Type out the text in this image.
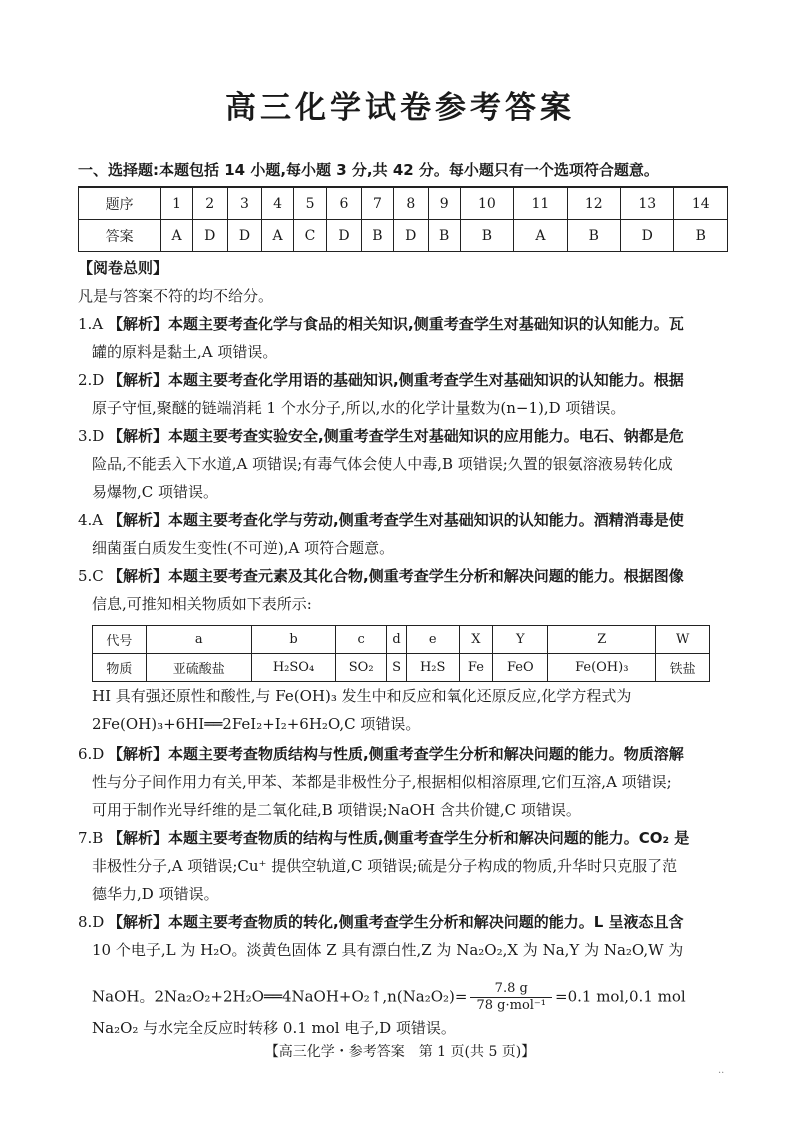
高三化学试卷参考答案
一、选择题:本题包括 14 小题,每小题 3 分,共 42 分。每小题只有一个选项符合题意。
题序	1	2	3	4	5	6	7	8	9	10	11	12	13	14
答案	A	D	D	A	C	D	B	D	B	B	A	B	D	B
【阅卷总则】
凡是与答案不符的均不给分。
1.A 【解析】本题主要考查化学与食品的相关知识,侧重考查学生对基础知识的认知能力。瓦
罐的原料是黏土,A 项错误。
2.D 【解析】本题主要考查化学用语的基础知识,侧重考查学生对基础知识的认知能力。根据
原子守恒,聚醚的链端消耗 1 个水分子,所以,水的化学计量数为(n−1),D 项错误。
3.D 【解析】本题主要考查实验安全,侧重考查学生对基础知识的应用能力。电石、钠都是危
险品,不能丢入下水道,A 项错误;有毒气体会使人中毒,B 项错误;久置的银氨溶液易转化成
易爆物,C 项错误。
4.A 【解析】本题主要考查化学与劳动,侧重考查学生对基础知识的认知能力。酒精消毒是使
细菌蛋白质发生变性(不可逆),A 项符合题意。
5.C 【解析】本题主要考查元素及其化合物,侧重考查学生分析和解决问题的能力。根据图像
信息,可推知相关物质如下表所示:
代号	a	b	c	d	e	X	Y	Z	W
物质	亚硫酸盐	H₂SO₄	SO₂	S	H₂S	Fe	FeO	Fe(OH)₃	铁盐
HI 具有强还原性和酸性,与 Fe(OH)₃ 发生中和反应和氧化还原反应,化学方程式为
2Fe(OH)₃+6HI══2FeI₂+I₂+6H₂O,C 项错误。
6.D 【解析】本题主要考查物质结构与性质,侧重考查学生分析和解决问题的能力。物质溶解
性与分子间作用力有关,甲苯、苯都是非极性分子,根据相似相溶原理,它们互溶,A 项错误;
可用于制作光导纤维的是二氧化硅,B 项错误;NaOH 含共价键,C 项错误。
7.B 【解析】本题主要考查物质的结构与性质,侧重考查学生分析和解决问题的能力。CO₂ 是
非极性分子,A 项错误;Cu⁺ 提供空轨道,C 项错误;硫是分子构成的物质,升华时只克服了范
德华力,D 项错误。
8.D 【解析】本题主要考查物质的转化,侧重考查学生分析和解决问题的能力。L 呈液态且含
10 个电子,L 为 H₂O。淡黄色固体 Z 具有漂白性,Z 为 Na₂O₂,X 为 Na,Y 为 Na₂O,W 为
NaOH。2Na₂O₂+2H₂O══4NaOH+O₂↑,n(Na₂O₂)= $\frac{7.8 g}{\text{78 g·mol⁻¹}} =0.1$ mol,0.1 mol
Na₂O₂ 与水完全反应时转移 0.1 mol 电子,D 项错误。
【高三化学・参考答案　第 1 页(共 5 页)】
··
